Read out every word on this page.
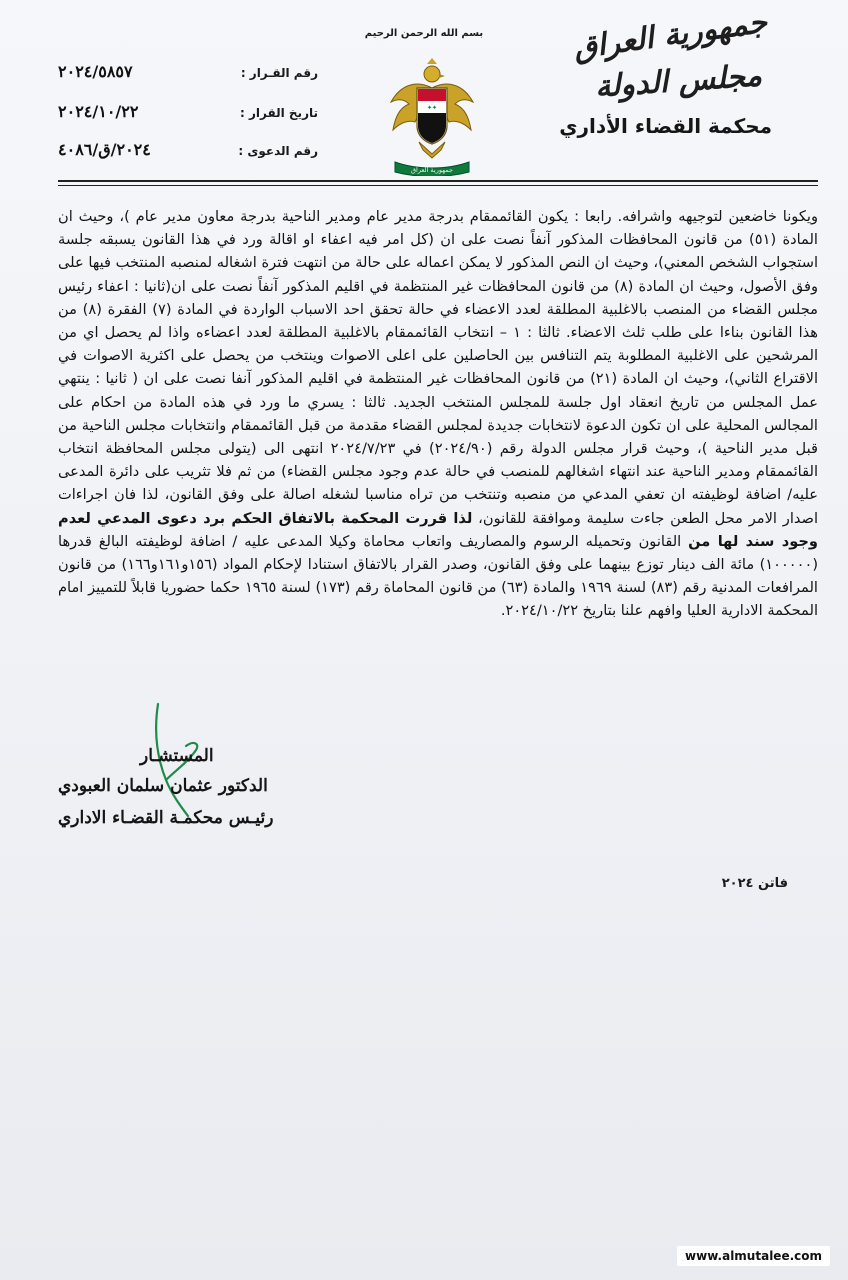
بسم الله الرحمن الرحيم
✦✦
جمهورية العراق
رقم القـرار :
٢٠٢٤/٥٨٥٧
تاريخ القرار :
٢٠٢٤/١٠/٢٢
رقم الدعوى :
٢٠٢٤/ق/٤٠٨٦
جمهورية العراق
مجلس الدولة
محكمة القضاء الأداري

ويكونا خاضعين لتوجيهه واشرافه. رابعا : يكون القائممقام بدرجة مدير عام ومدير الناحية بدرجة معاون مدير عام )، وحيث ان المادة (٥١) من قانون المحافظات المذكور آنفاً نصت على ان (كل امر فيه اعفاء او اقالة ورد في هذا القانون يسبقه جلسة استجواب الشخص المعني)، وحيث ان النص المذكور لا يمكن اعماله على حالة من انتهت فترة اشغاله لمنصبه المنتخب فيها على وفق الأصول، وحيث ان المادة (٨) من قانون المحافظات غير المنتظمة في اقليم المذكور آنفاً نصت على ان(ثانيا : اعفاء رئيس مجلس القضاء من المنصب بالاغلبية المطلقة لعدد الاعضاء في حالة تحقق احد الاسباب الواردة في المادة (٧) الفقرة (٨) من هذا القانون بناءا على طلب ثلث الاعضاء. ثالثا : ١ – انتخاب القائممقام بالاغلبية المطلقة لعدد اعضاءه واذا لم يحصل اي من المرشحين على الاغلبية المطلوبة يتم التنافس بين الحاصلين على اعلى الاصوات وينتخب من يحصل على اكثرية الاصوات في الاقتراع الثاني)، وحيث ان المادة (٢١) من قانون المحافظات غير المنتظمة في اقليم المذكور آنفا نصت على ان ( ثانيا : ينتهي عمل المجلس من تاريخ انعقاد اول جلسة للمجلس المنتخب الجديد. ثالثا : يسري ما ورد في هذه المادة من احكام على المجالس المحلية على ان تكون الدعوة لانتخابات جديدة لمجلس القضاء مقدمة من قبل القائممقام وانتخابات مجلس الناحية من قبل مدير الناحية )، وحيث قرار مجلس الدولة رقم (٢٠٢٤/٩٠) في ٢٠٢٤/٧/٢٣ انتهى الى (يتولى مجلس المحافظة انتخاب القائممقام ومدير الناحية عند انتهاء اشغالهم للمنصب في حالة عدم وجود مجلس القضاء) من ثم فلا تثريب على دائرة المدعى عليه/ اضافة لوظيفته ان تعفي المدعي من منصبه وتنتخب من تراه مناسبا لشغله اصالة على وفق القانون، لذا فان اجراءات اصدار الامر محل الطعن جاءت سليمة وموافقة للقانون،

لذا قررت المحكمة بالاتفاق الحكم برد دعوى المدعي لعدم وجود سند لها من

القانون وتحميله الرسوم والمصاريف واتعاب محاماة وكيلا المدعى عليه / اضافة لوظيفته البالغ قدرها (١٠٠٠٠٠) مائة الف دينار توزع بينهما على وفق القانون، وصدر القرار بالاتفاق استنادا لإحكام المواد (١٥٦و١٦١و١٦٦) من قانون المرافعات المدنية رقم (٨٣) لسنة ١٩٦٩ والمادة (٦٣) من قانون المحاماة رقم (١٧٣) لسنة ١٩٦٥ حكما حضوريا قابلاً للتمييز امام المحكمة الادارية العليا وافهم علنا بتاريخ ٢٠٢٤/١٠/٢٢.

المستشـار
الدكتور عثمان سلمان العبودي
رئيـس محكمـة القضـاء الاداري
فاتن ٢٠٢٤
www.almutalee.com
